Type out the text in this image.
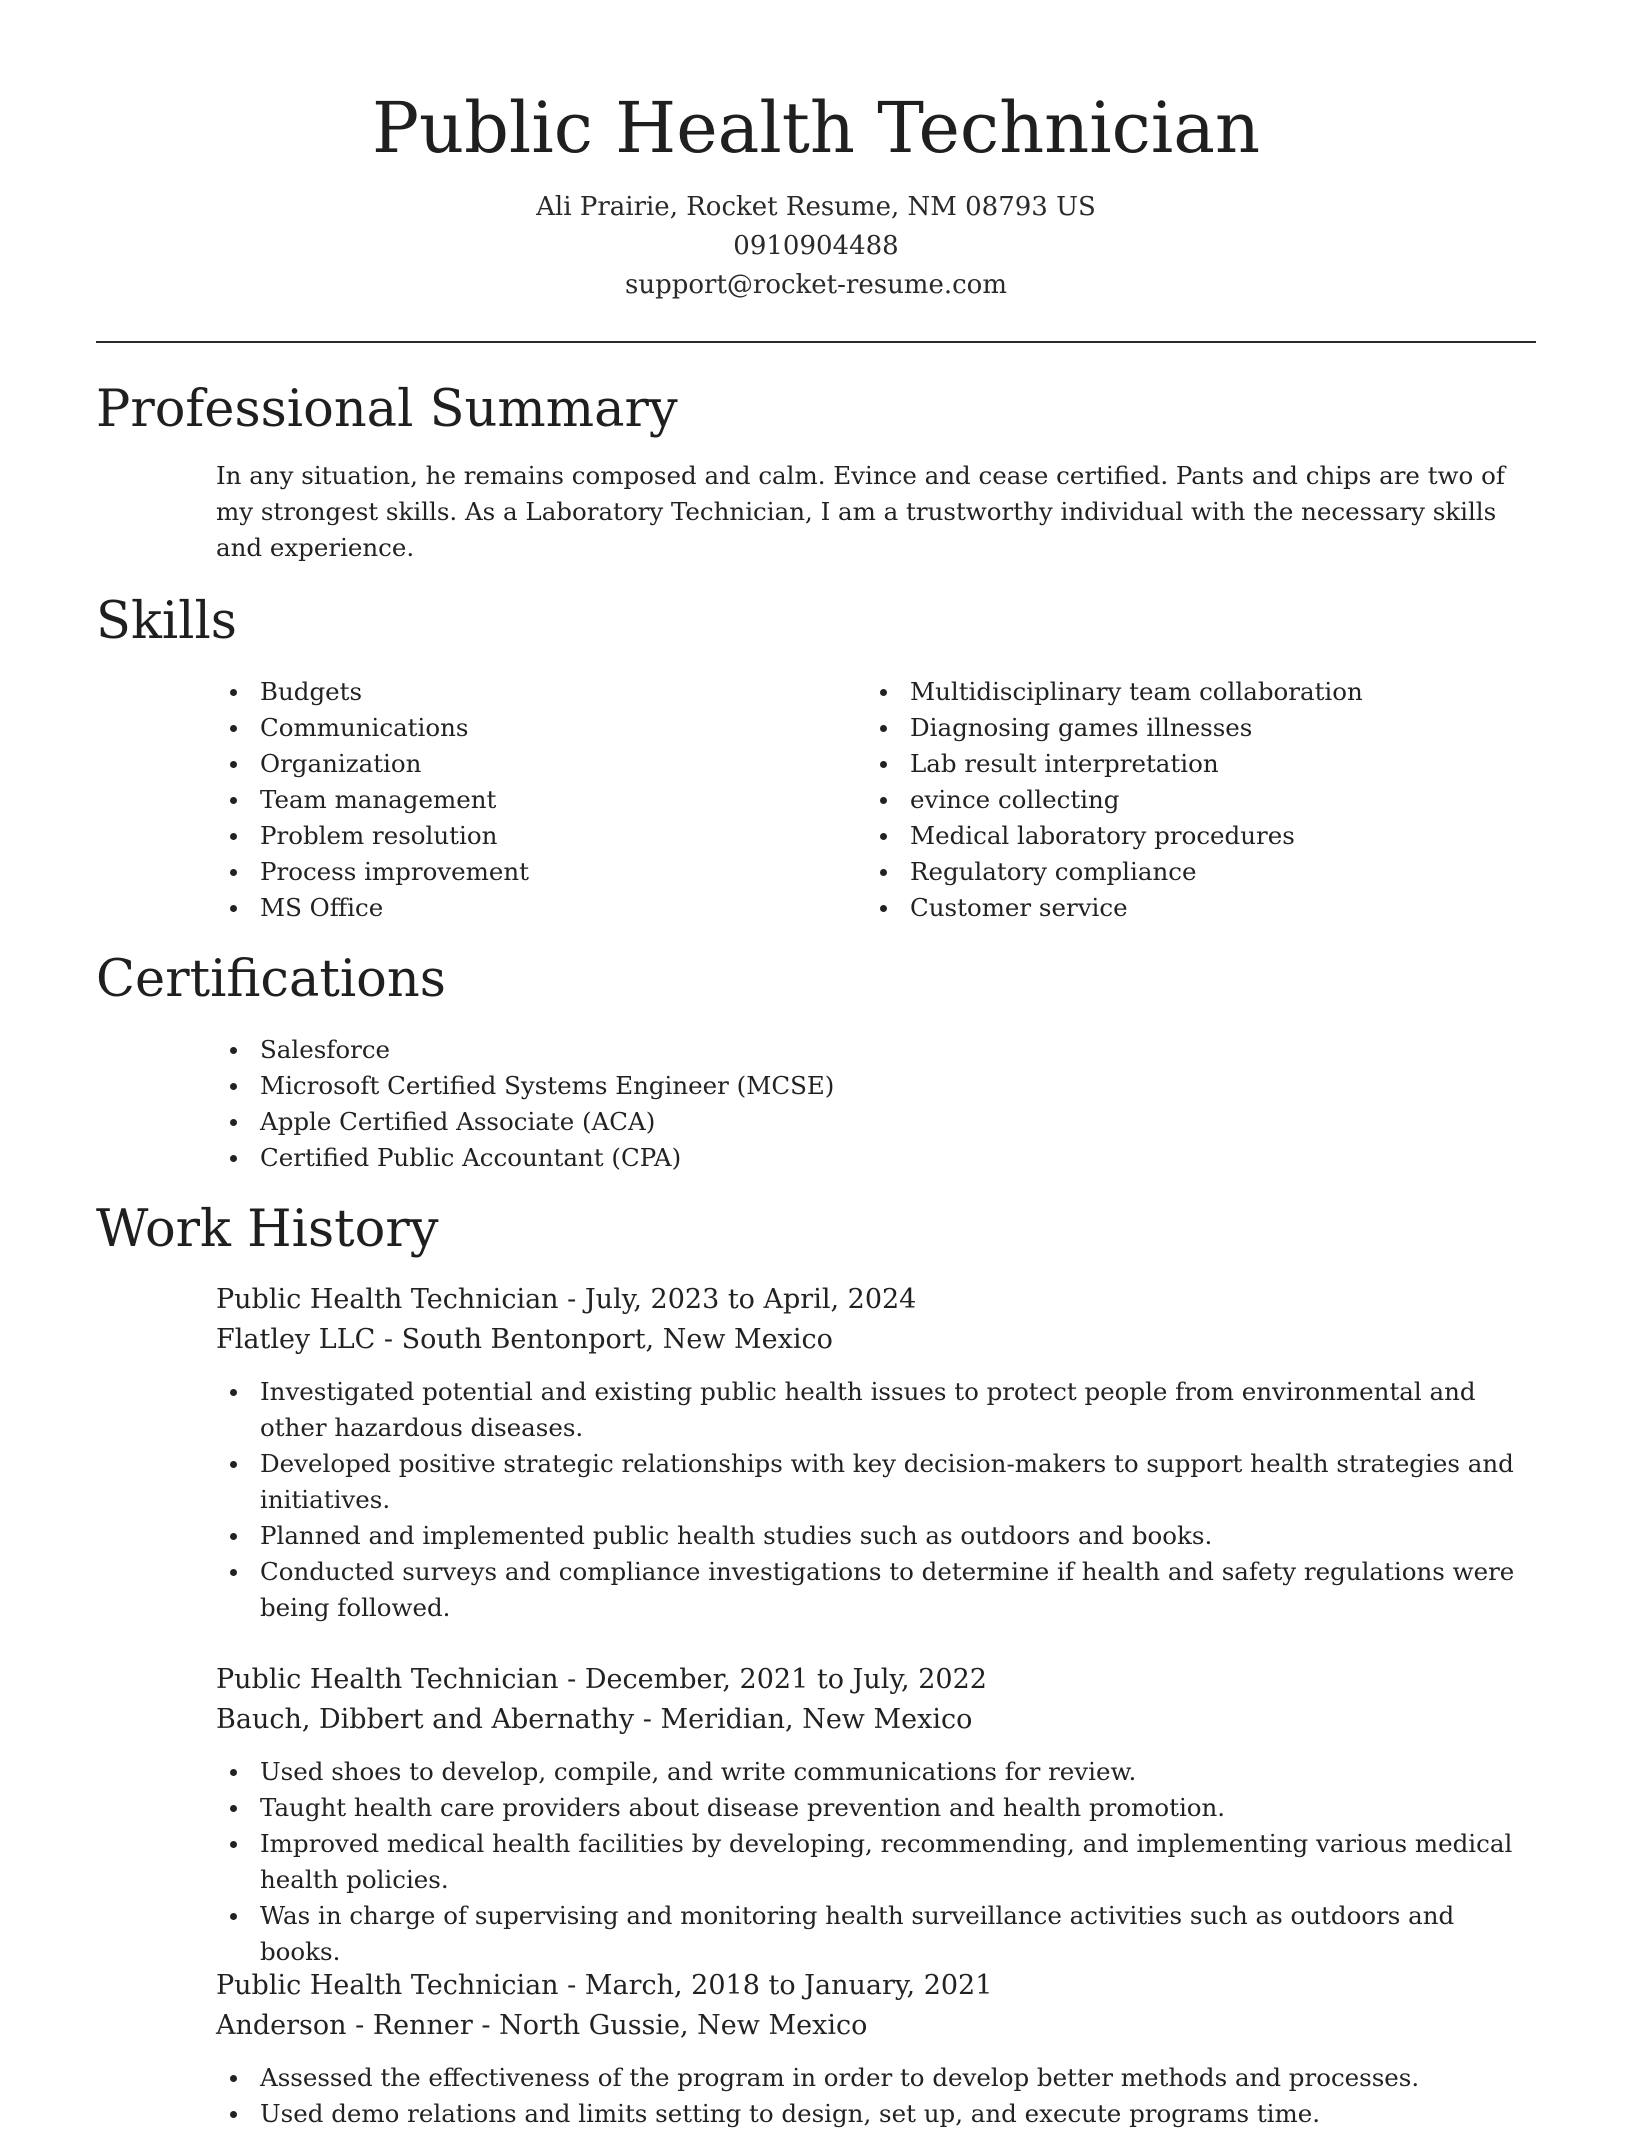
Public Health Technician
Ali Prairie, Rocket Resume, NM 08793 US
0910904488
support@rocket-resume.com
Professional Summary

In any situation, he remains composed and calm. Evince and cease certified. Pants and chips are two of my strongest skills. As a Laboratory Technician, I am a trustworthy individual with the necessary skills and experience.

Skills
Budgets
Communications
Organization
Team management
Problem resolution
Process improvement
MS Office
Multidisciplinary team collaboration
Diagnosing games illnesses
Lab result interpretation
evince collecting
Medical laboratory procedures
Regulatory compliance
Customer service
Certifications
Salesforce
Microsoft Certified Systems Engineer (MCSE)
Apple Certified Associate (ACA)
Certified Public Accountant (CPA)
Work History
Public Health Technician - July, 2023 to April, 2024
Flatley LLC - South Bentonport, New Mexico
Investigated potential and existing public health issues to protect people from environmental and other hazardous diseases.
Developed positive strategic relationships with key decision-makers to support health strategies and initiatives.
Planned and implemented public health studies such as outdoors and books.
Conducted surveys and compliance investigations to determine if health and safety regulations were being followed.
Public Health Technician - December, 2021 to July, 2022
Bauch, Dibbert and Abernathy - Meridian, New Mexico
Used shoes to develop, compile, and write communications for review.
Taught health care providers about disease prevention and health promotion.
Improved medical health facilities by developing, recommending, and implementing various medical health policies.
Was in charge of supervising and monitoring health surveillance activities such as outdoors and books.
Public Health Technician - March, 2018 to January, 2021
Anderson - Renner - North Gussie, New Mexico
Assessed the effectiveness of the program in order to develop better methods and processes.
Used demo relations and limits setting to design, set up, and execute programs time.
